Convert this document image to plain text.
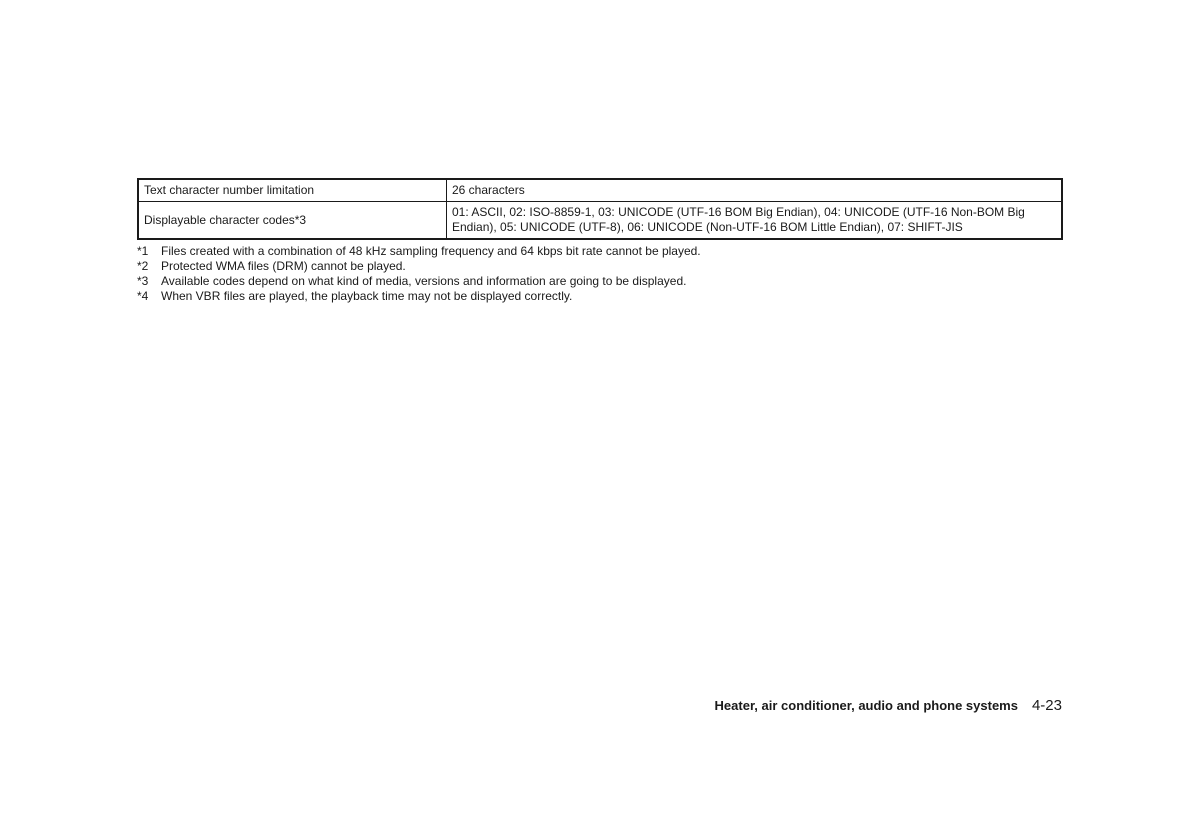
Text character number limitation	26 characters
Displayable character codes*3	01: ASCII, 02: ISO-8859-1, 03: UNICODE (UTF-16 BOM Big Endian), 04: UNICODE (UTF-16 Non-BOM Big Endian), 05: UNICODE (UTF-8), 06: UNICODE (Non-UTF-16 BOM Little Endian), 07: SHIFT-JIS
*1	Files created with a combination of 48 kHz sampling frequency and 64 kbps bit rate cannot be played.
*2	Protected WMA files (DRM) cannot be played.
*3	Available codes depend on what kind of media, versions and information are going to be displayed.
*4	When VBR files are played, the playback time may not be displayed correctly.
Heater, air conditioner, audio and phone systems 4-23
